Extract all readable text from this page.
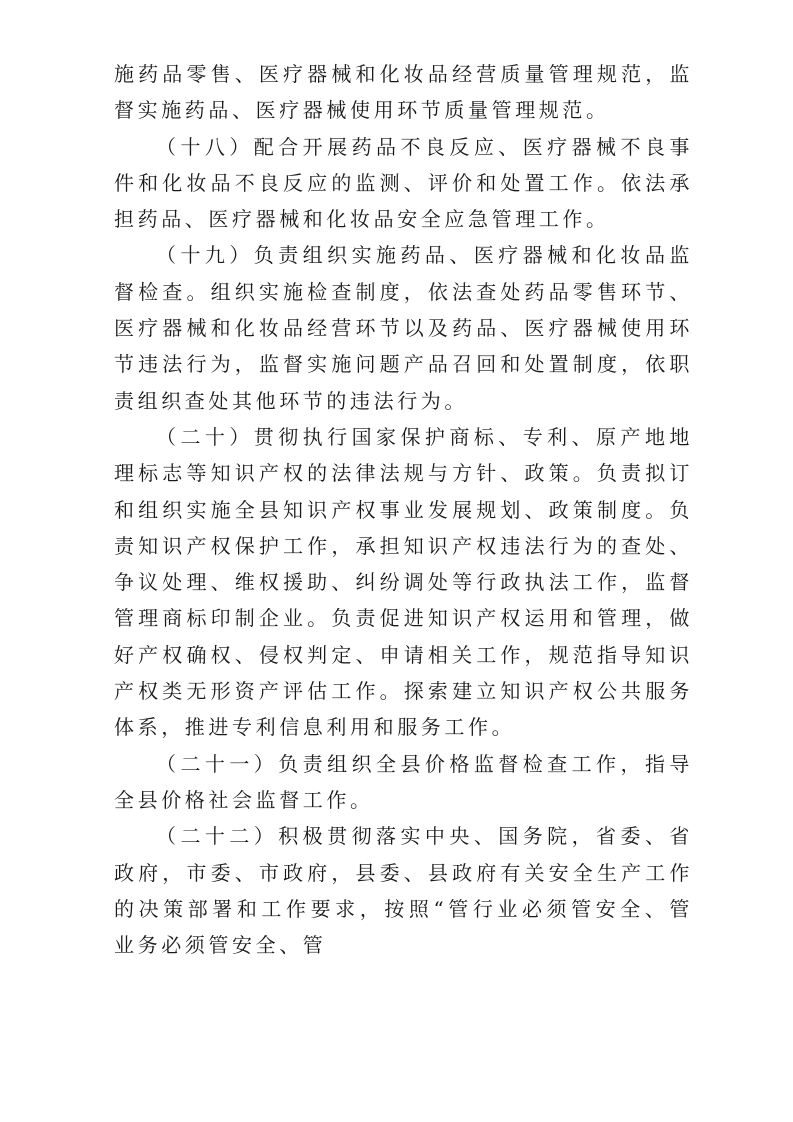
施药品零售、医疗器械和化妆品经营质量管理规范，监督实施药品、医疗器械使用环节质量管理规范。

（十八）配合开展药品不良反应、医疗器械不良事件和化妆品不良反应的监测、评价和处置工作。依法承担药品、医疗器械和化妆品安全应急管理工作。

（十九）负责组织实施药品、医疗器械和化妆品监督检查。组织实施检查制度，依法查处药品零售环节、医疗器械和化妆品经营环节以及药品、医疗器械使用环节违法行为，监督实施问题产品召回和处置制度，依职责组织查处其他环节的违法行为。

（二十）贯彻执行国家保护商标、专利、原产地地理标志等知识产权的法律法规与方针、政策。负责拟订和组织实施全县知识产权事业发展规划、政策制度。负责知识产权保护工作，承担知识产权违法行为的查处、争议处理、维权援助、纠纷调处等行政执法工作，监督管理商标印制企业。负责促进知识产权运用和管理，做好产权确权、侵权判定、申请相关工作，规范指导知识产权类无形资产评估工作。探索建立知识产权公共服务体系，推进专利信息利用和服务工作。

（二十一）负责组织全县价格监督检查工作，指导全县价格社会监督工作。

（二十二）积极贯彻落实中央、国务院，省委、省政府，市委、市政府，县委、县政府有关安全生产工作的决策部署和工作要求，按照“管行业必须管安全、管业务必须管安全、管
